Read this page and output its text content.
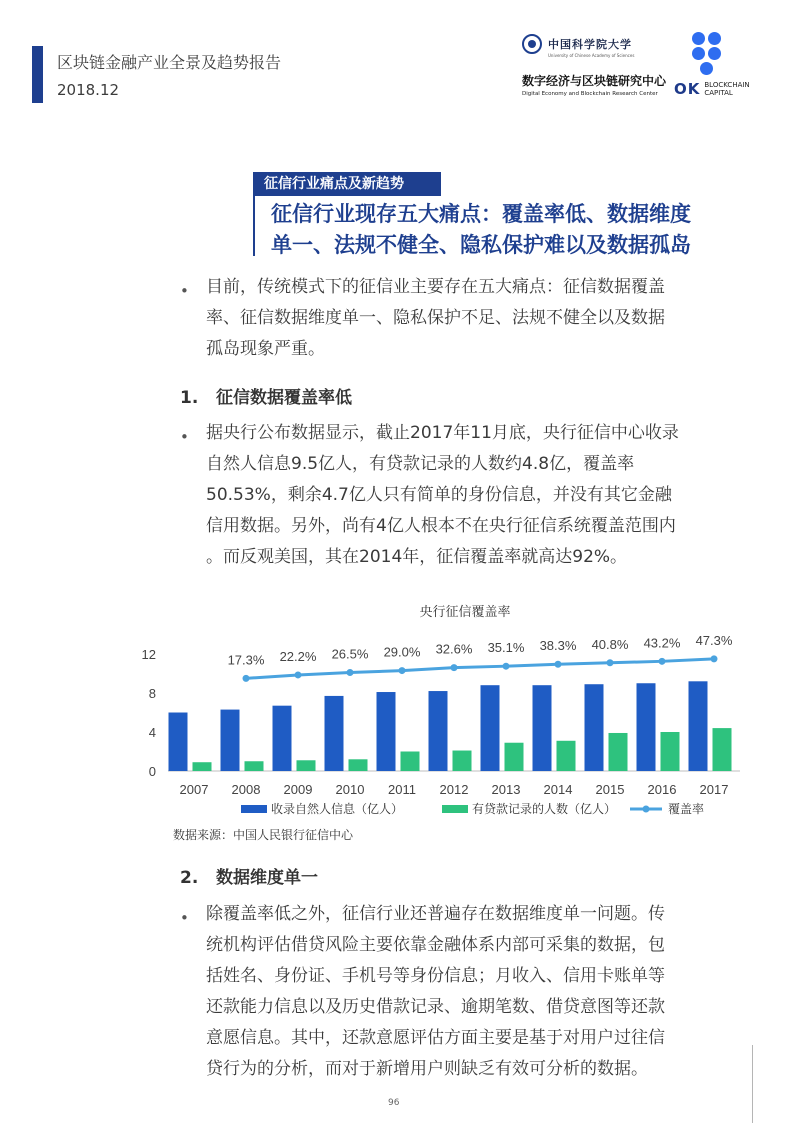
区块链金融产业全景及趋势报告
2018.12
中国科学院大学
University of Chinese Academy of Sciences
数字经济与区块链研究中心
Digital Economy and Blockchain Research Center	OK BLOCKCHAIN
CAPITAL
征信行业痛点及新趋势
征信行业现存五大痛点：覆盖率低、数据维度
单一、法规不健全、隐私保护难以及数据孤岛
• 目前，传统模式下的征信业主要存在五大痛点：征信数据覆盖
率、征信数据维度单一、隐私保护不足、法规不健全以及数据
孤岛现象严重。
1. 征信数据覆盖率低
• 据央行公布数据显示，截止2017年11月底，央行征信中心收录
自然人信息9.5亿人，有贷款记录的人数约4.8亿，覆盖率
50.53%，剩余4.7亿人只有简单的身份信息，并没有其它金融
信用数据。另外，尚有4亿人根本不在央行征信系统覆盖范围内
。而反观美国，其在2014年，征信覆盖率就高达92%。
央行征信覆盖率
0
4
8
12
2007 2008 2009 2010 2011 2012 2013 2014 2015 2016 2017
17.3% 22.2% 26.5% 29.0% 32.6% 35.1% 38.3% 40.8% 43.2% 47.3%
收录自然人信息（亿人）	有贷款记录的人数（亿人）	覆盖率
数据来源：中国人民银行征信中心
2. 数据维度单一
• 除覆盖率低之外，征信行业还普遍存在数据维度单一问题。传
统机构评估借贷风险主要依靠金融体系内部可采集的数据，包
括姓名、身份证、手机号等身份信息；月收入、信用卡账单等
还款能力信息以及历史借款记录、逾期笔数、借贷意图等还款
意愿信息。其中，还款意愿评估方面主要是基于对用户过往信
贷行为的分析，而对于新增用户则缺乏有效可分析的数据。
96
